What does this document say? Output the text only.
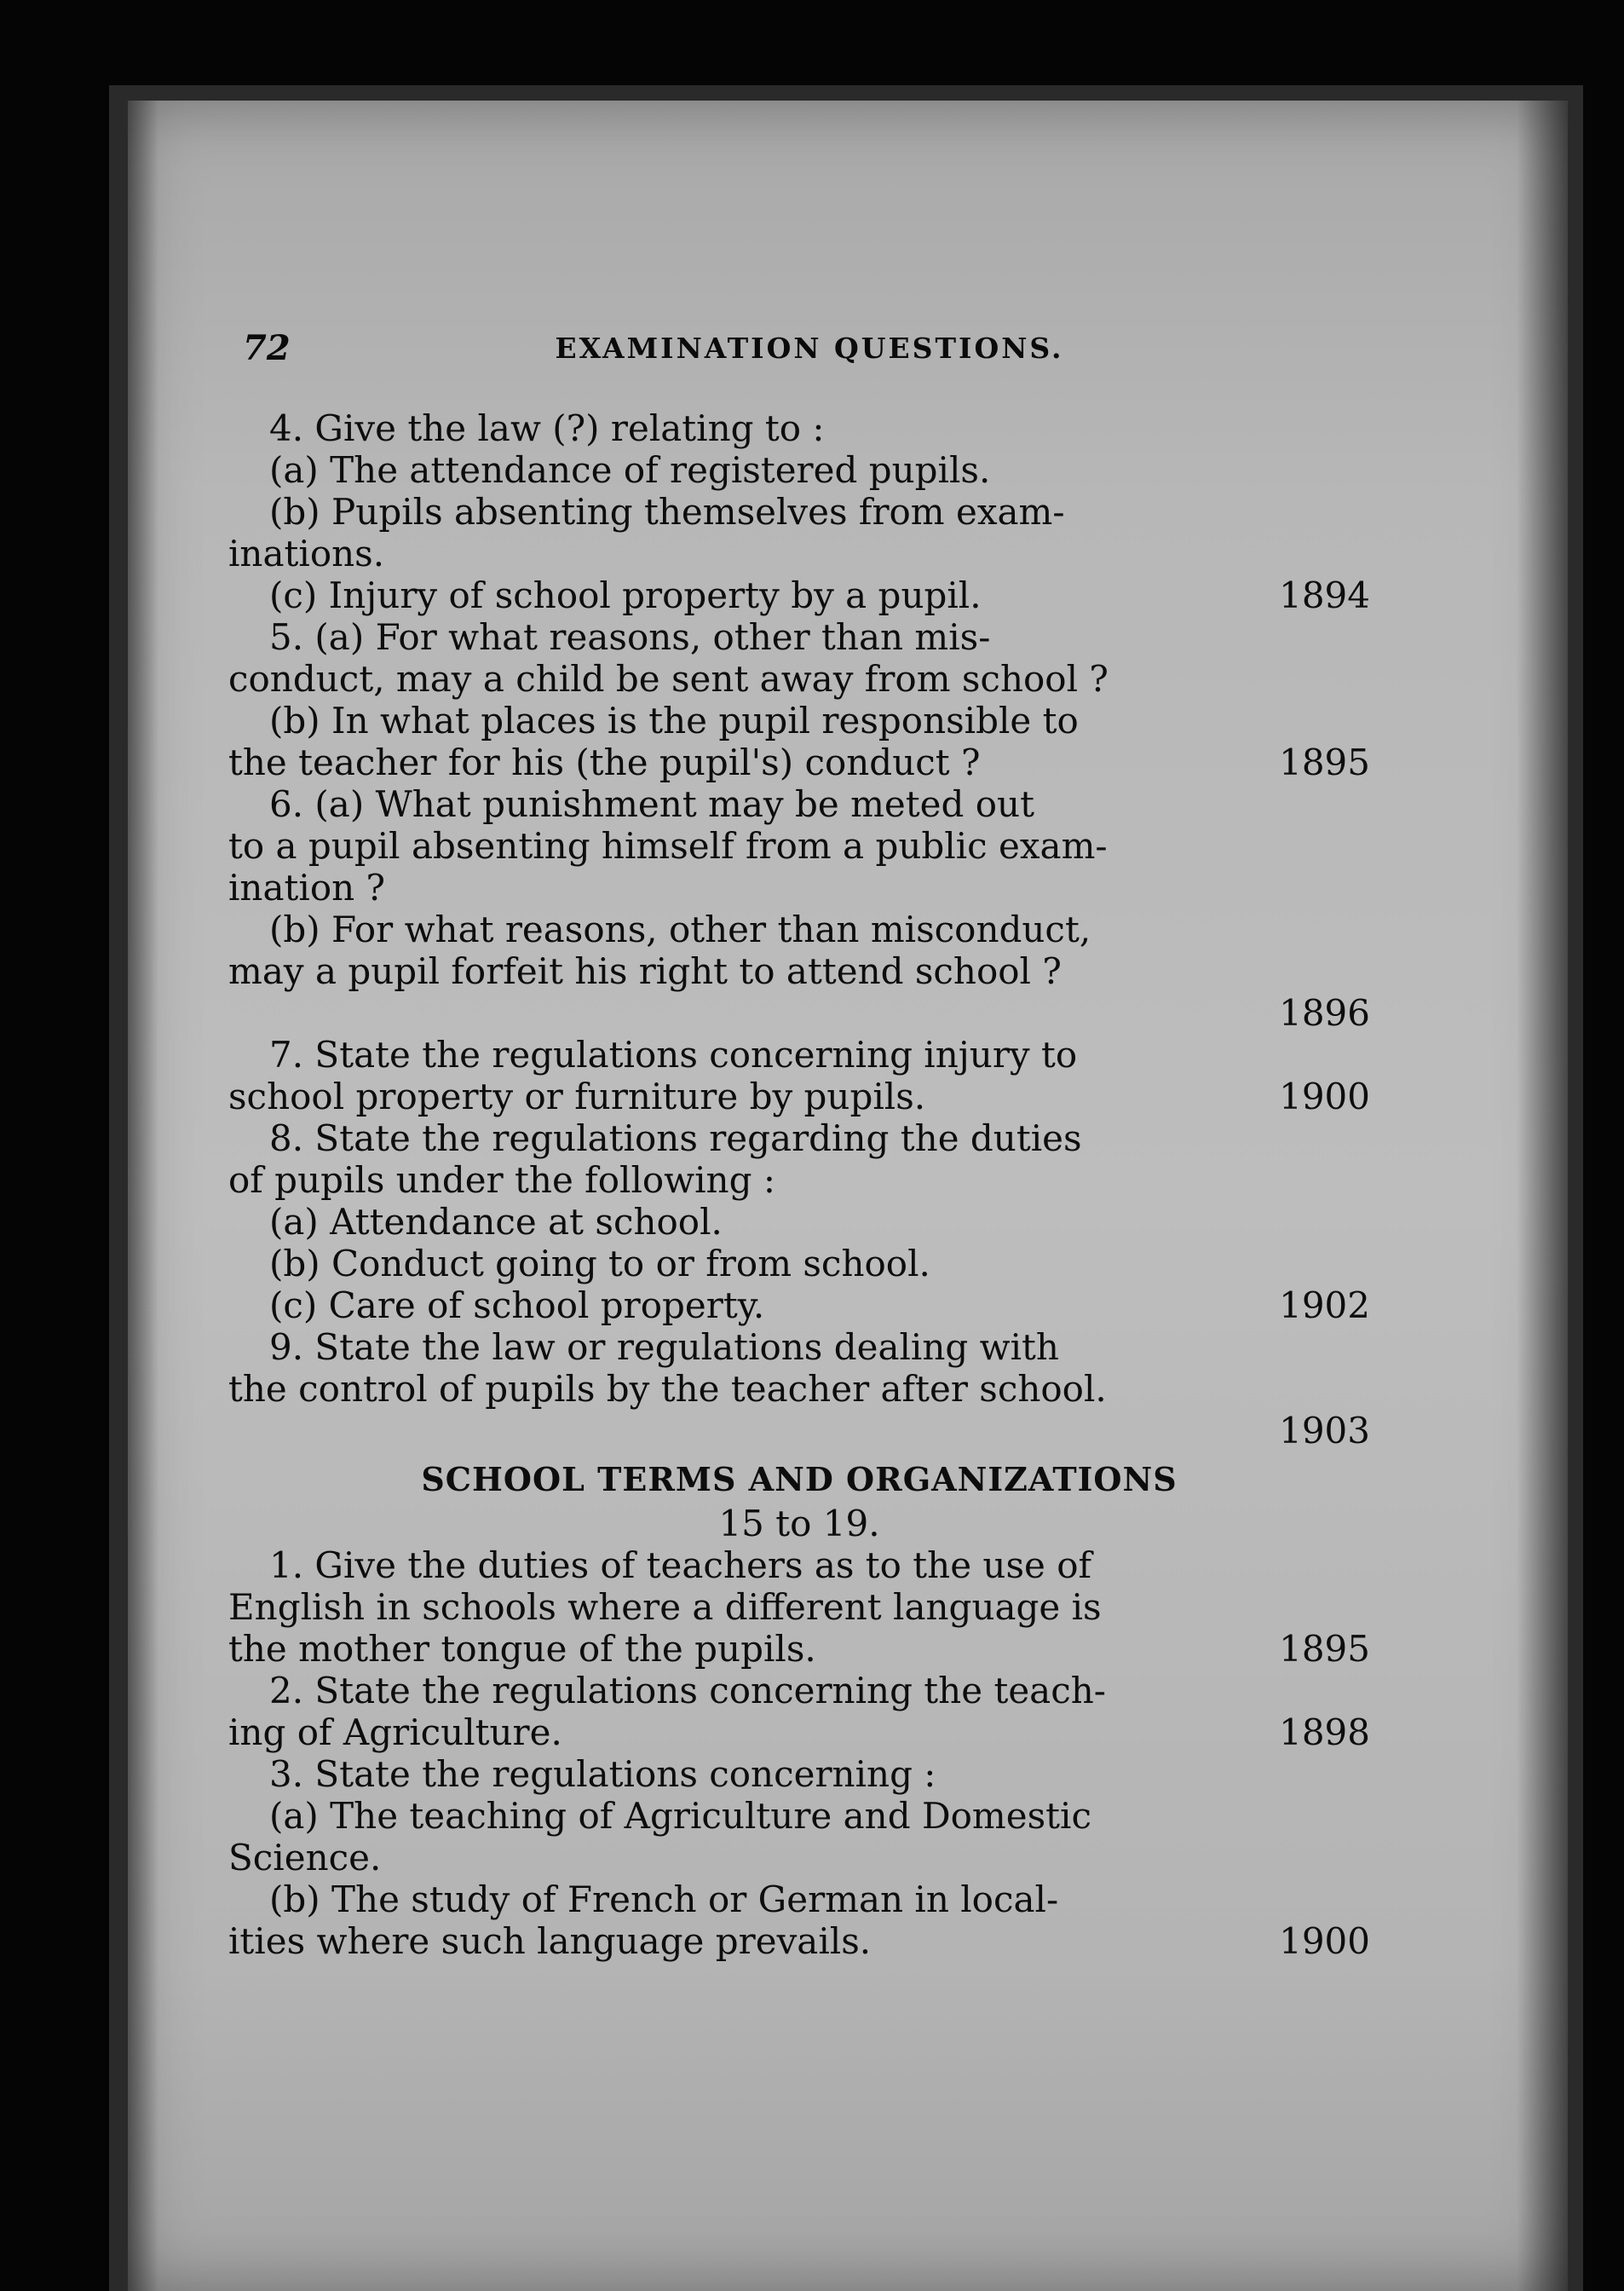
72	EXAMINATION QUESTIONS.
4. Give the law (?) relating to :
(a) The attendance of registered pupils.
(b) Pupils absenting themselves from exam-
inations.
(c) Injury of school property by a pupil.	1894
5. (a) For what reasons, other than mis-
conduct, may a child be sent away from school ?
(b) In what places is the pupil responsible to
the teacher for his (the pupil's) conduct ?	1895
6. (a) What punishment may be meted out
to a pupil absenting himself from a public exam-
ination ?
(b) For what reasons, other than misconduct,
may a pupil forfeit his right to attend school ?
1896
7. State the regulations concerning injury to
school property or furniture by pupils.	1900
8. State the regulations regarding the duties
of pupils under the following :
(a) Attendance at school.
(b) Conduct going to or from school.
(c) Care of school property.	1902
9. State the law or regulations dealing with
the control of pupils by the teacher after school.
1903
SCHOOL TERMS AND ORGANIZATIONS
15 to 19.
1. Give the duties of teachers as to the use of
English in schools where a different language is
the mother tongue of the pupils.	1895
2. State the regulations concerning the teach-
ing of Agriculture.	1898
3. State the regulations concerning :
(a) The teaching of Agriculture and Domestic
Science.
(b) The study of French or German in local-
ities where such language prevails.	1900
